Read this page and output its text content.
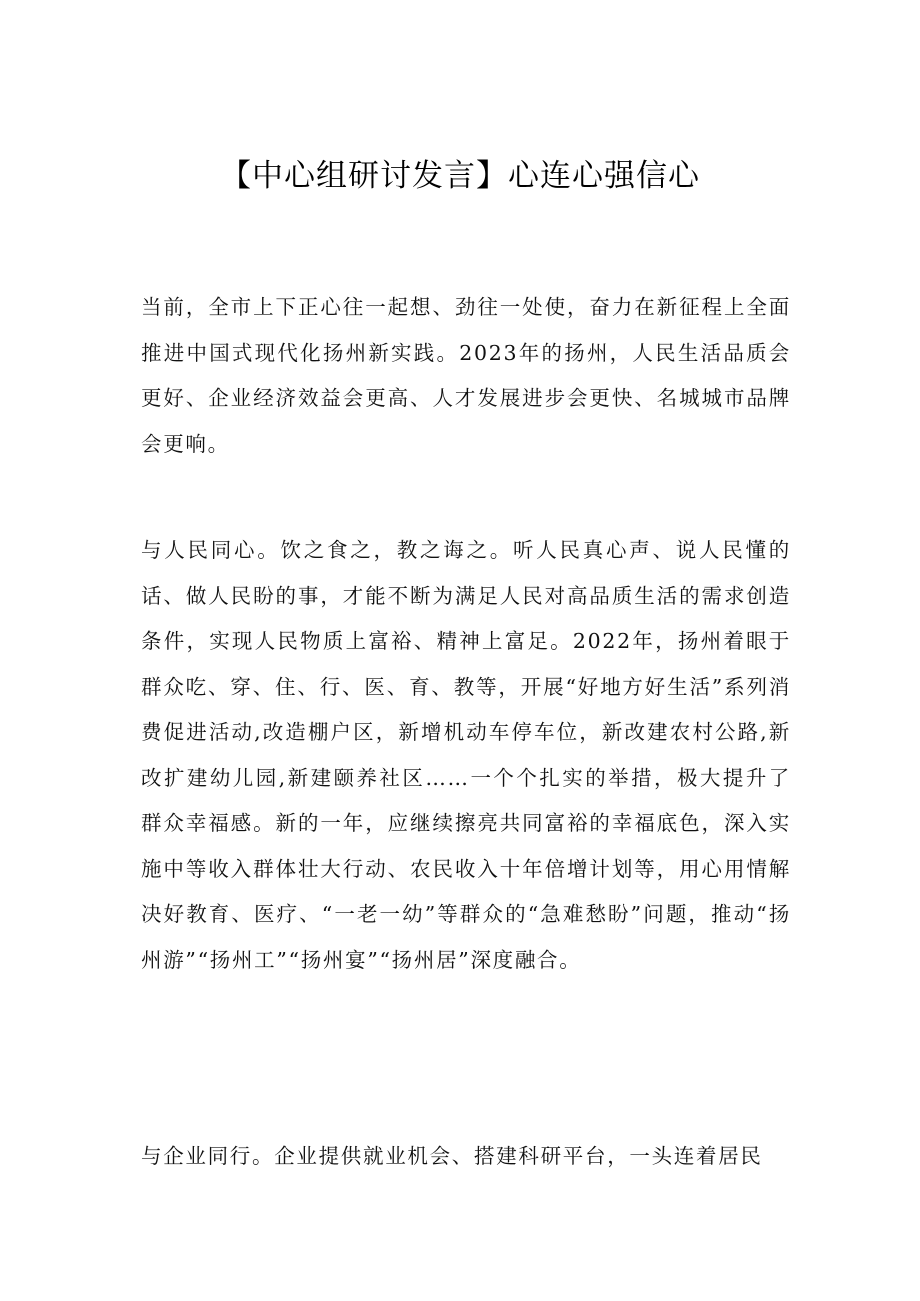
【中心组研讨发言】心连心强信心

当前，全市上下正心往一起想、劲往一处使，奋力在新征程上全面推进中国式现代化扬州新实践。2023年的扬州，人民生活品质会更好、企业经济效益会更高、人才发展进步会更快、名城城市品牌会更响。

与人民同心。饮之食之，教之诲之。听人民真心声、说人民懂的话、做人民盼的事，才能不断为满足人民对高品质生活的需求创造条件，实现人民物质上富裕、精神上富足。2022年，扬州着眼于群众吃、穿、住、行、医、育、教等，开展“好地方好生活”系列消费促进活动,改造棚户区，新增机动车停车位，新改建农村公路,新改扩建幼儿园,新建颐养社区……一个个扎实的举措，极大提升了群众幸福感。新的一年，应继续擦亮共同富裕的幸福底色，深入实施中等收入群体壮大行动、农民收入十年倍增计划等，用心用情解决好教育、医疗、“一老一幼”等群众的“急难愁盼”问题，推动“扬州游”“扬州工”“扬州宴”“扬州居”深度融合。

与企业同行。企业提供就业机会、搭建科研平台，一头连着居民
